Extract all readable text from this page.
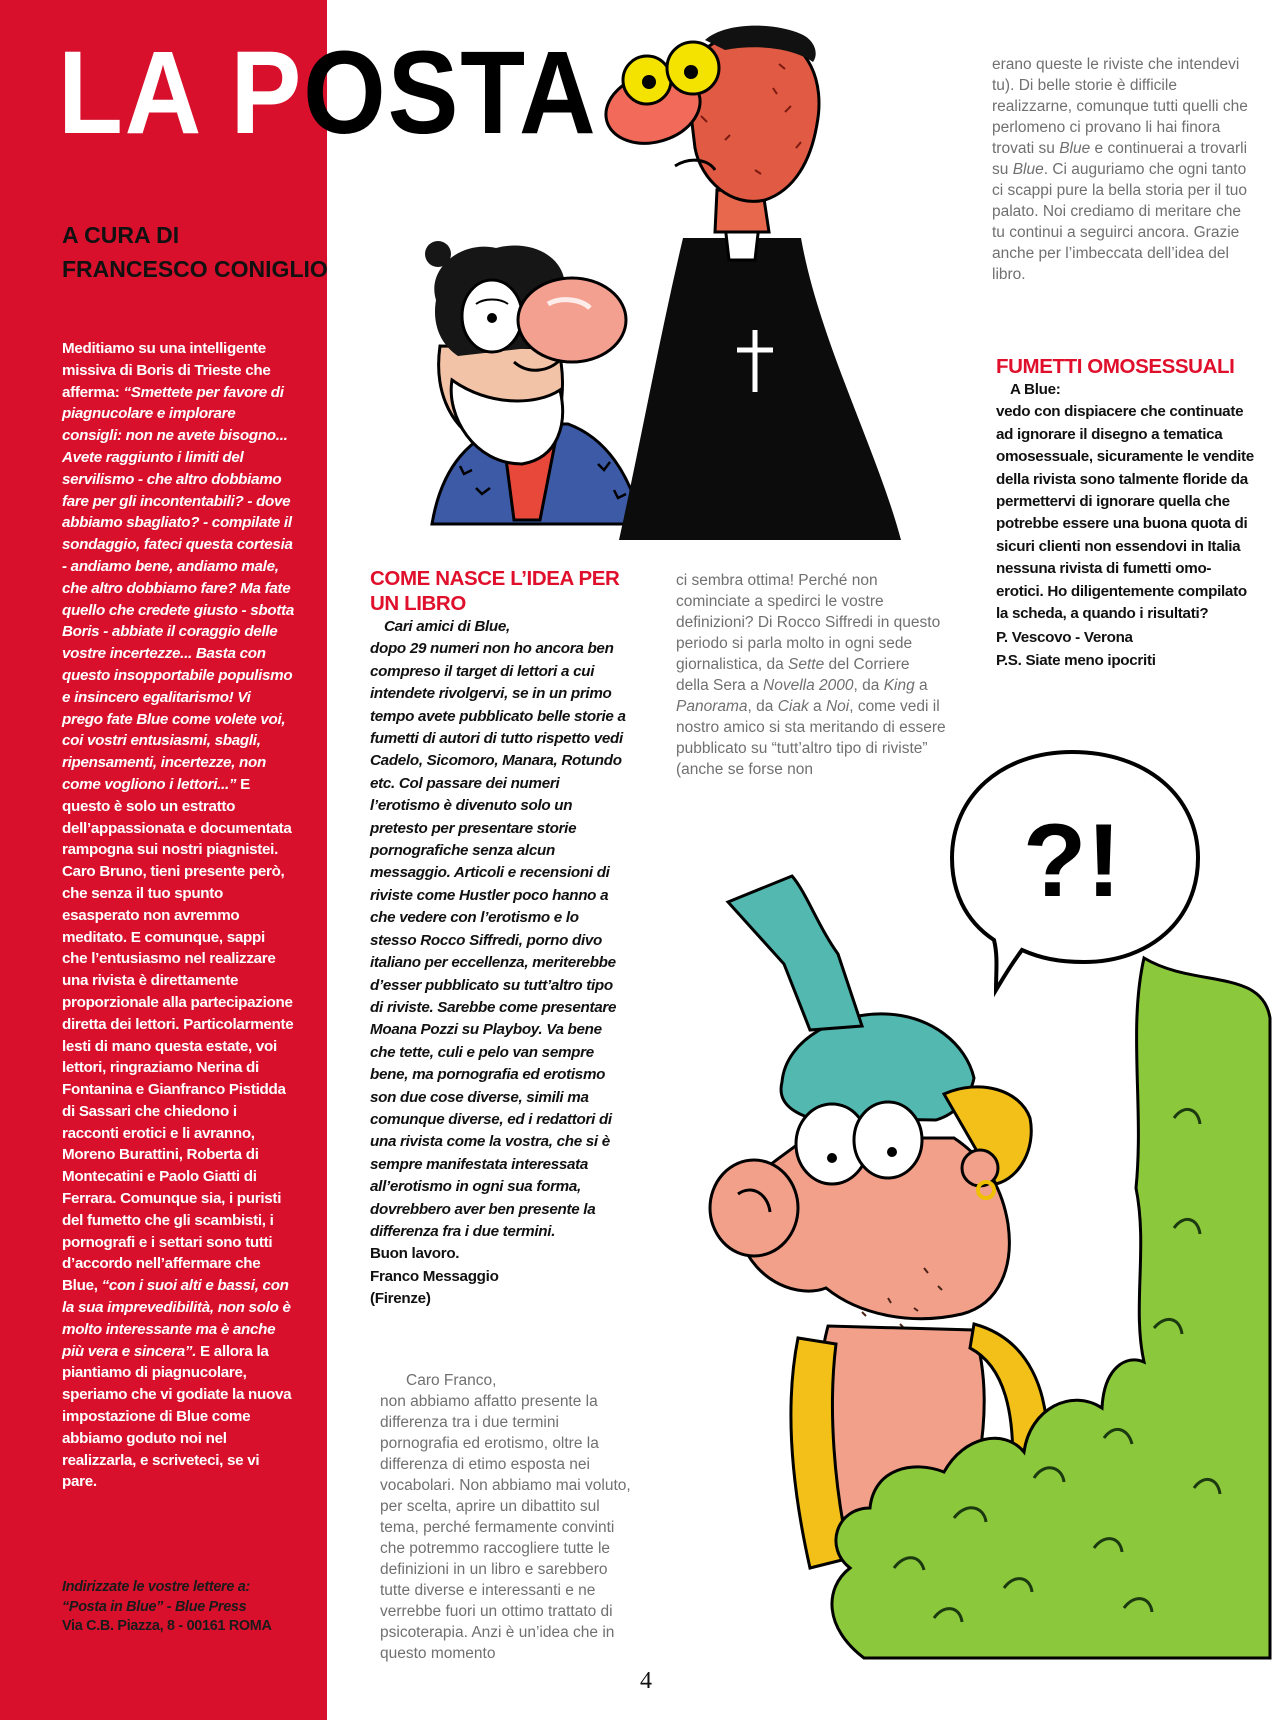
LA POSTA
A CURA DI
FRANCESCO CONIGLIO

Meditiamo su una intelligente missiva di Boris di Trieste che afferma: “Smettete per favore di piagnucolare e implorare consigli: non ne avete bisogno... Avete raggiunto i limiti del servilismo - che altro dobbiamo fare per gli incontentabili? - dove abbiamo sbagliato? - compilate il sondaggio, fateci questa cortesia - andiamo bene, andiamo male, che altro dobbiamo fare? Ma fate quello che credete giusto - sbotta Boris - abbiate il coraggio delle vostre incertezze... Basta con questo insopportabile populismo e insincero egalitarismo! Vi prego fate Blue come volete voi, coi vostri entusiasmi, sbagli, ripensamenti, incertezze, non come vogliono i lettori...” E questo è solo un estratto dell’appassionata e documentata rampogna sui nostri piagnistei. Caro Bruno, tieni presente però, che senza il tuo spunto esasperato non avremmo meditato. E comunque, sappi che l’entusiasmo nel realizzare una rivista è direttamente proporzionale alla partecipazione diretta dei lettori. Particolarmente lesti di mano questa estate, voi lettori, ringraziamo Nerina di Fontanina e Gianfranco Pistidda di Sassari che chiedono i racconti erotici e li avranno, Moreno Burattini, Roberta di Montecatini e Paolo Giatti di Ferrara. Comunque sia, i puristi del fumetto che gli scambisti, i pornografi e i settari sono tutti d’accordo nell’affermare che Blue, “con i suoi alti e bassi, con la sua imprevedibilità, non solo è molto interessante ma è anche più vera e sincera”. E allora la piantiamo di piagnucolare, speriamo che vi godiate la nuova impostazione di Blue come abbiamo goduto noi nel realizzarla, e scriveteci, se vi pare.

Indirizzate le vostre lettere a:
“Posta in Blue” - Blue Press
Via C.B. Piazza, 8 - 00161 ROMA

?!
COME NASCE L’IDEA PER UN LIBRO

Cari amici di Blue,
dopo 29 numeri non ho ancora ben compreso il target di lettori a cui intendete rivolgervi, se in un primo tempo avete pubblicato belle storie a fumetti di autori di tutto rispetto vedi Cadelo, Sicomoro, Manara, Rotundo etc. Col passare dei numeri l’erotismo è divenuto solo un pretesto per presentare storie pornografiche senza alcun messaggio. Articoli e recensioni di riviste come Hustler poco hanno a che vedere con l’erotismo e lo stesso Rocco Siffredi, porno divo italiano per eccellenza, meriterebbe d’esser pubblicato su tutt’altro tipo di riviste. Sarebbe come presentare Moana Pozzi su Playboy. Va bene che tette, culi e pelo van sempre bene, ma pornografia ed erotismo son due cose diverse, simili ma comunque diverse, ed i redattori di una rivista come la vostra, che si è sempre manifestata interessata all’erotismo in ogni sua forma, dovrebbero aver ben presente la differenza fra i due termini.
Buon lavoro.
Franco Messaggio
(Firenze)

Caro Franco,
non abbiamo affatto presente la differenza tra i due termini pornografia ed erotismo, oltre la differenza di etimo esposta nei vocabolari. Non abbiamo mai voluto, per scelta, aprire un dibattito sul tema, perché fermamente convinti che potremmo raccogliere tutte le definizioni in un libro e sarebbero tutte diverse e interessanti e ne verrebbe fuori un ottimo trattato di psicoterapia. Anzi è un’idea che in questo momento

ci sembra ottima! Perché non cominciate a spedirci le vostre definizioni? Di Rocco Siffredi in questo periodo si parla molto in ogni sede giornalistica, da Sette del Corriere della Sera a Novella 2000, da King a Panorama, da Ciak a Noi, come vedi il nostro amico si sta meritando di essere pubblicato su “tutt’altro tipo di riviste” (anche se forse non

erano queste le riviste che intendevi tu). Di belle storie è difficile realizzarne, comunque tutti quelli che perlomeno ci provano li hai finora trovati su Blue e continuerai a trovarli su Blue. Ci auguriamo che ogni tanto ci scappi pure la bella storia per il tuo palato. Noi crediamo di meritare che tu continui a seguirci ancora. Grazie anche per l’imbeccata dell’idea del libro.

FUMETTI OMOSESSUALI

A Blue:
vedo con dispiacere che continuate ad ignorare il disegno a tematica omosessuale, sicuramente le vendite della rivista sono talmente floride da permettervi di ignorare quella che potrebbe essere una buona quota di sicuri clienti non essendovi in Italia nessuna rivista di fumetti omo-erotici. Ho diligentemente compilato la scheda, a quando i risultati?
P. Vescovo - Verona
P.S. Siate meno ipocriti

4
